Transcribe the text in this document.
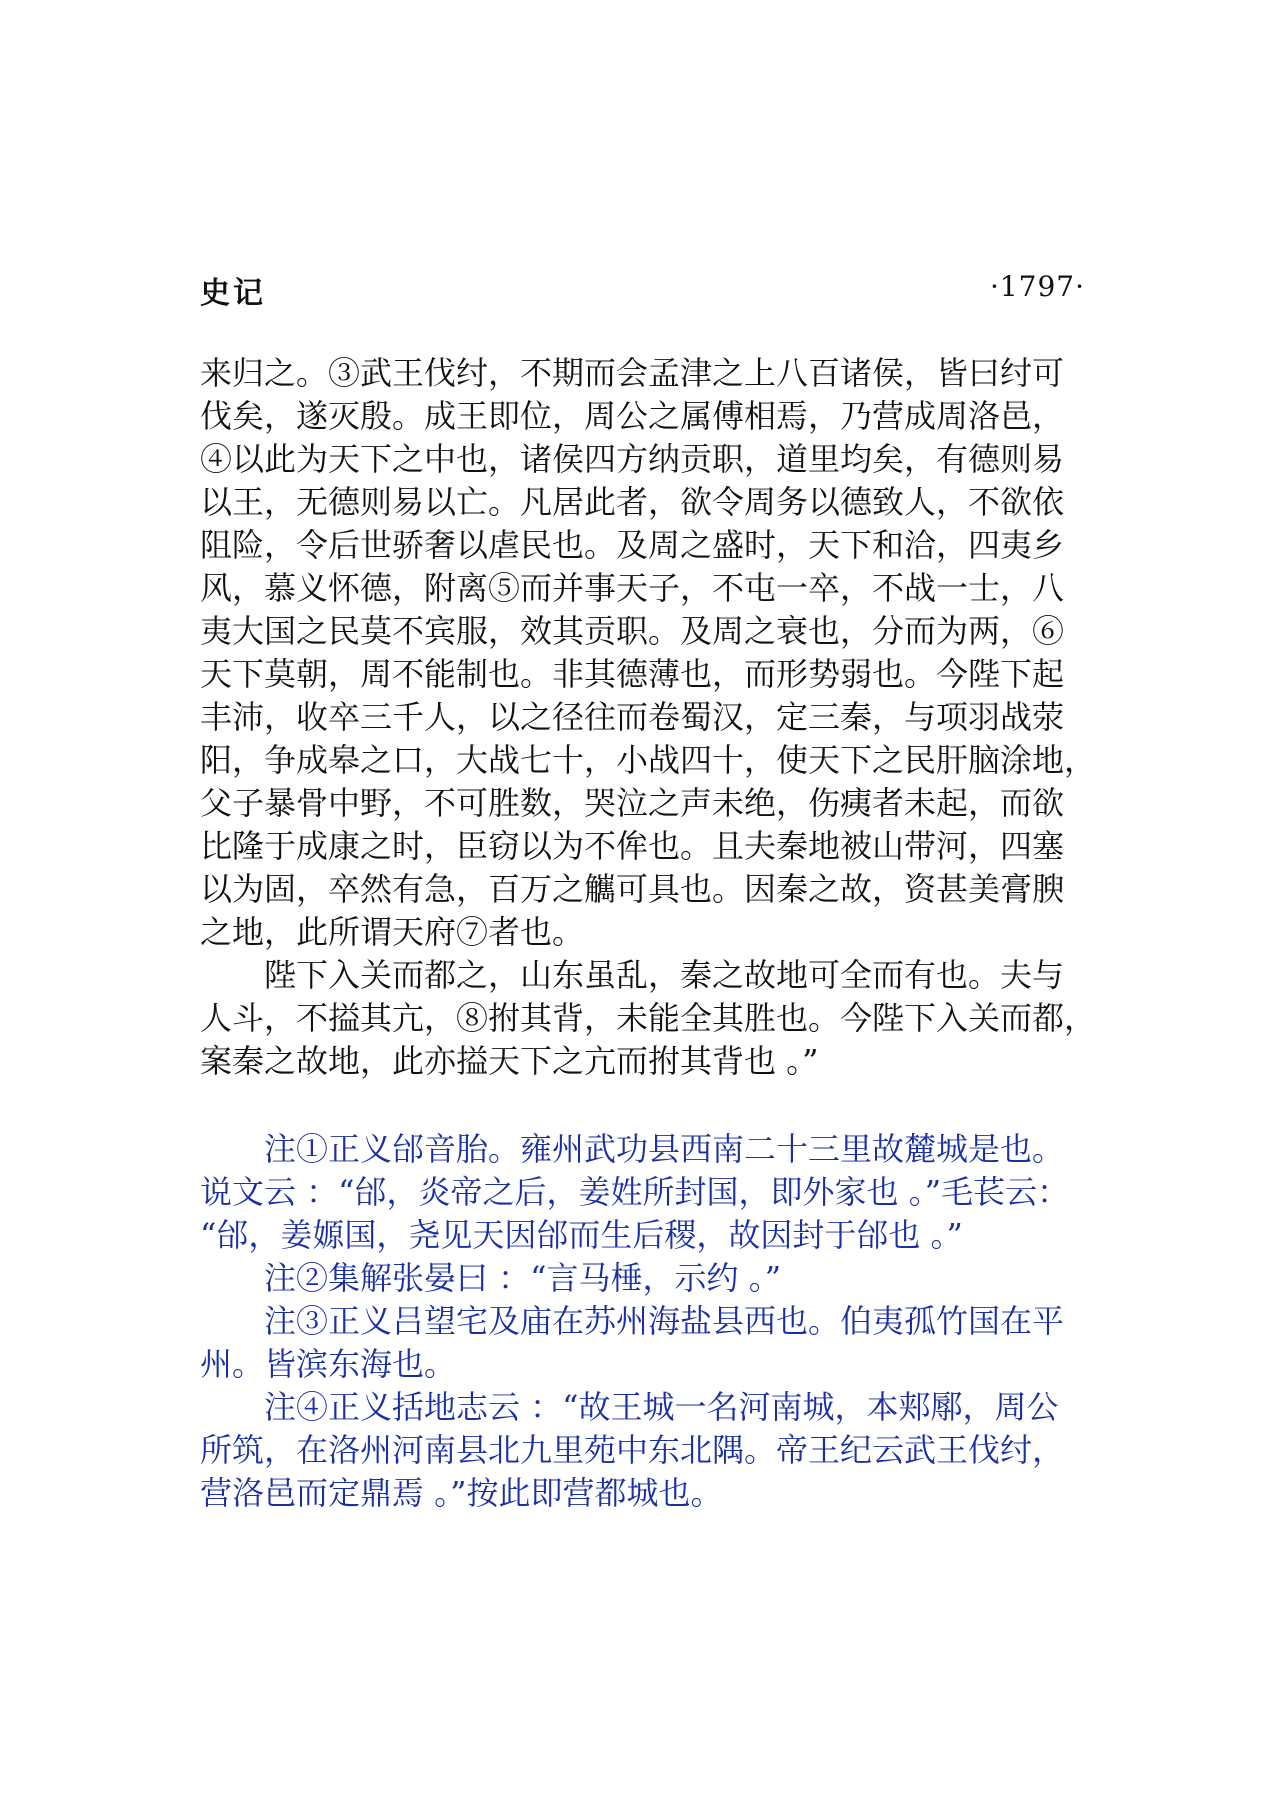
史记	·1797·

来归之。③武王伐纣，不期而会孟津之上八百诸侯，皆曰纣可

伐矣，遂灭殷。成王即位，周公之属傅相焉，乃营成周洛邑，

④以此为天下之中也，诸侯四方纳贡职，道里均矣，有德则易

以王，无德则易以亡。凡居此者，欲令周务以德致人，不欲依

阻险，令后世骄奢以虐民也。及周之盛时，天下和洽，四夷乡

风，慕义怀德，附离⑤而并事天子，不屯一卒，不战一士，八

夷大国之民莫不宾服，效其贡职。及周之衰也，分而为两，⑥

天下莫朝，周不能制也。非其德薄也，而形势弱也。今陛下起

丰沛，收卒三千人，以之径往而卷蜀汉，定三秦，与项羽战荥

阳，争成皋之口，大战七十，小战四十，使天下之民肝脑涂地，

父子暴骨中野，不可胜数，哭泣之声未绝，伤痍者未起，而欲

比隆于成康之时，臣窃以为不侔也。且夫秦地被山带河，四塞

以为固，卒然有急，百万之觽可具也。因秦之故，资甚美膏腴

之地，此所谓天府⑦者也。

陛下入关而都之，山东虽乱，秦之故地可全而有也。夫与

人斗，不搤其亢，⑧拊其背，未能全其胜也。今陛下入关而都，

案秦之故地，此亦搤天下之亢而拊其背也 。”

注①正义邰音胎。雍州武功县西南二十三里故麓城是也。

说文云 ：“邰，炎帝之后，姜姓所封国，即外家也 。”毛苌云：

“邰，姜嫄国，尧见天因邰而生后稷，故因封于邰也 。”

注②集解张晏曰 ：“言马棰，示约 。”

注③正义吕望宅及庙在苏州海盐县西也。伯夷孤竹国在平

州。皆滨东海也。

注④正义括地志云 ：“故王城一名河南城，本郏鄏，周公

所筑，在洛州河南县北九里苑中东北隅。帝王纪云武王伐纣，

营洛邑而定鼎焉 。”按此即营都城也。
